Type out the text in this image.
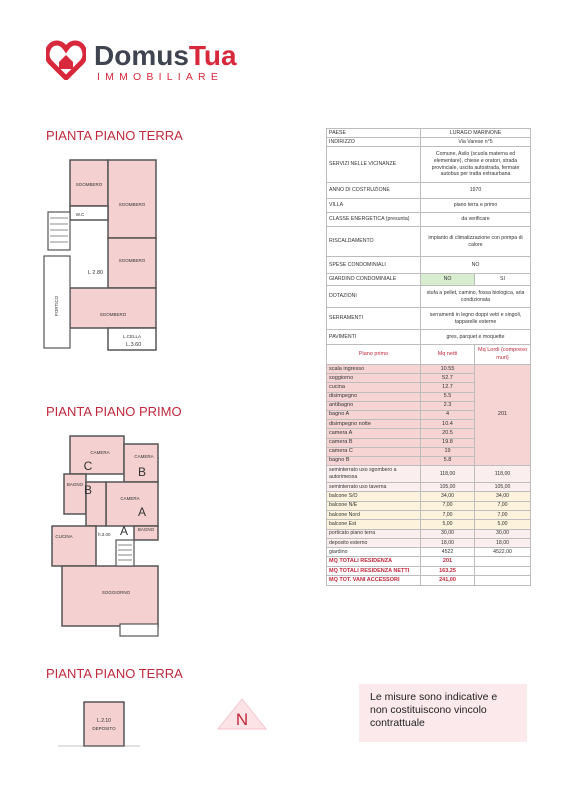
DomusTua
IMMOBILIARE
PIANTA PIANO TERRA
PIANTA PIANO PRIMO
PIANTA PIANO TERRA
SGOMBERO
SGOMBERO
W.C
SGOMBERO
SGOMBERO
L.CELLA
PORTICO
L 2.80
L.3.60
CAMERA
CAMERA
CAMERA
BAGNO
CUCINA
SOGGIORNO
BAGNO
C	B
A
B
A
h.3.00
L.2.10
DEPOSITO
PAESE	LURAGO MARINONE	
INDIRIZZO	Via Varese n°5	
SERVIZI NELLE VICINANZE	Comune, Asilo (scuola materna ed elementare), chiese e oratori, strada provinciale, uscita autostrada, fermate autobus per tratta extraurbana	
ANNO DI COSTRUZIONE	1970	
VILLA	piano terra e primo	
CLASSE ENERGETICA (presunta)	da verificare	
RISCALDAMENTO	impianto di climatizzazione con pompa di calore	
SPESE CONDOMINIALI	NO	
GIARDINO CONDOMINIALE	NO	SI
DOTAZIONI	stufa a pellet, camino, fossa biologica, aria condizionata	
SERRAMENTI	serramenti in legno doppi vetri e singoli, tapparelle esterne	
PAVIMENTI	gres, parquet e moquette	
Piano primo	Mq netti	Mq Lordi (compreso muri)
scala ingresso	10.55	201
soggiorno	52.7	
cucina	12.7	
disimpegno	5.5	
antibagno	2.3	
bagno A	4	
disimpegno notte	10.4	
camera A	20.5	
camera B	19.8	
camera C	19	
bagno B	5.8	
seminterrato uso sgombero a autorimessa	118,00	118,00
seminterrato uso taverna	105,00	105,00
balcone S/O	34,00	34,00
balcone N/E	7,00	7,00
balcone Nord	7,00	7,00
balcone Est	5,00	5,00
porticato piano terra	30,00	30,00
deposito esterno	18,00	18,00
giardino	4522	4522,00
MQ TOTALI RESIDENZA	201	
MQ TOTALI RESIDENZA NETTI	163,25	
MQ TOT. VANI ACCESSORI	241,00	
N
Le misure sono indicative e non costituiscono vincolo contrattuale
